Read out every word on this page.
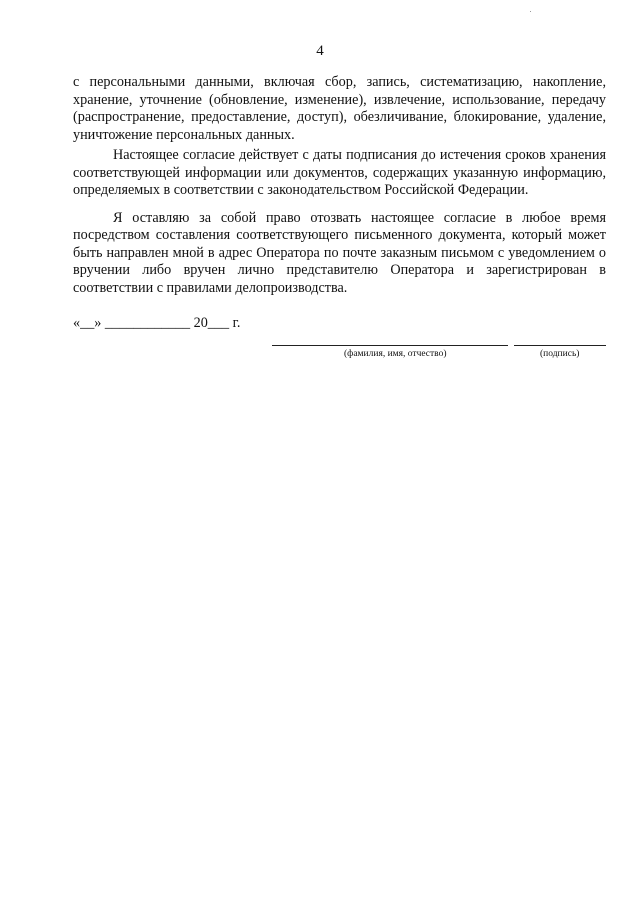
4

с персональными данными, включая сбор, запись, систематизацию, накопление, хранение, уточнение (обновление, изменение), извлечение, использование, передачу (распространение, предоставление, доступ), обезличивание, блокирование, удаление, уничтожение персональных данных.

Настоящее согласие действует с даты подписания до истечения сроков хранения соответствующей информации или документов, содержащих указанную информацию, определяемых в соответствии с законодательством Российской Федерации.

Я оставляю за собой право отозвать настоящее согласие в любое время посредством составления соответствующего письменного документа, который может быть направлен мной в адрес Оператора по почте заказным письмом с уведомлением о вручении либо вручен лично представителю Оператора и зарегистрирован в соответствии с правилами делопроизводства.

«__» ____________ 20___ г.
(фамилия, имя, отчество)	(подпись)
